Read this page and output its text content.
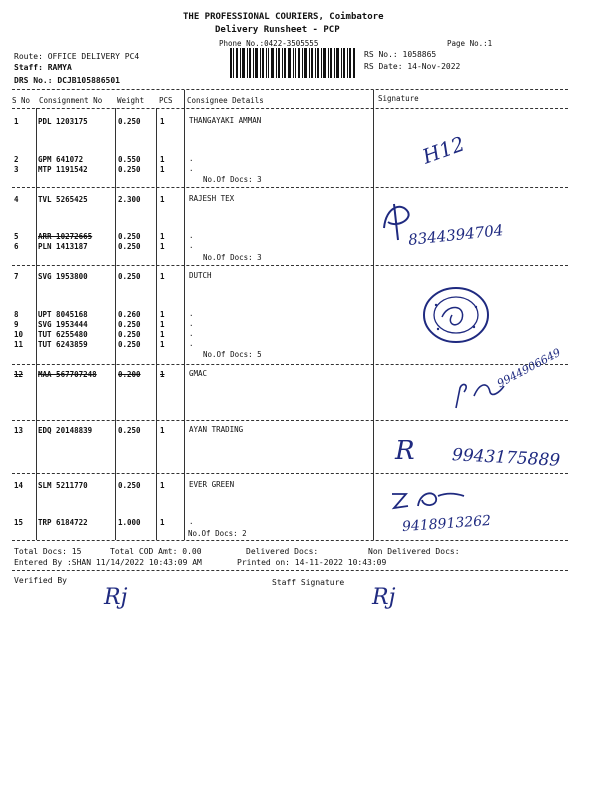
THE PROFESSIONAL COURIERS, Coimbatore
Delivery Runsheet - PCP
Phone No.:0422-3505555	Page No.:1
Route: OFFICE DELIVERY PC4
Staff: RAMYA
DRS No.: DCJB105886501
RS No.: 1058865
RS Date: 14-Nov-2022
S No Consignment No Weight PCS Consignee Details	Signature
1	PDL 1203175	0.250	1	THANGAYAKI AMMAN
2	GPM 641072	0.550	1	.
3	MTP 1191542	0.250	1	.
No.Of Docs: 3
4	TVL 5265425	2.300	1	RAJESH TEX
5	ARR 10272665	0.250	1	.
6	PLN 1413187	0.250	1	.
No.Of Docs: 3
7	SVG 1953800	0.250	1	DUTCH
8	UPT 8045168	0.260	1	.
9	SVG 1953444	0.250	1	.
10 TUT 6255480	0.250	1	.
11 TUT 6243859	0.250	1	.
No.Of Docs: 5
12 MAA 567707248	0.200	1	GMAC
13 EDQ 20148839	0.250	1	AYAN TRADING
14 SLM 5211770	0.250	1	EVER GREEN
15 TRP 6184722	1.000	1	.
No.Of Docs: 2
H12
8344394704
9944906649
R 9943175889
9418913262
Total Docs: 15	Total COD Amt: 0.00	Delivered Docs:	Non Delivered Docs:
Entered By :SHAN 11/14/2022 10:43:09 AM	Printed on: 14-11-2022 10:43:09
Verified By	Staff Signature
Rj	Rj
